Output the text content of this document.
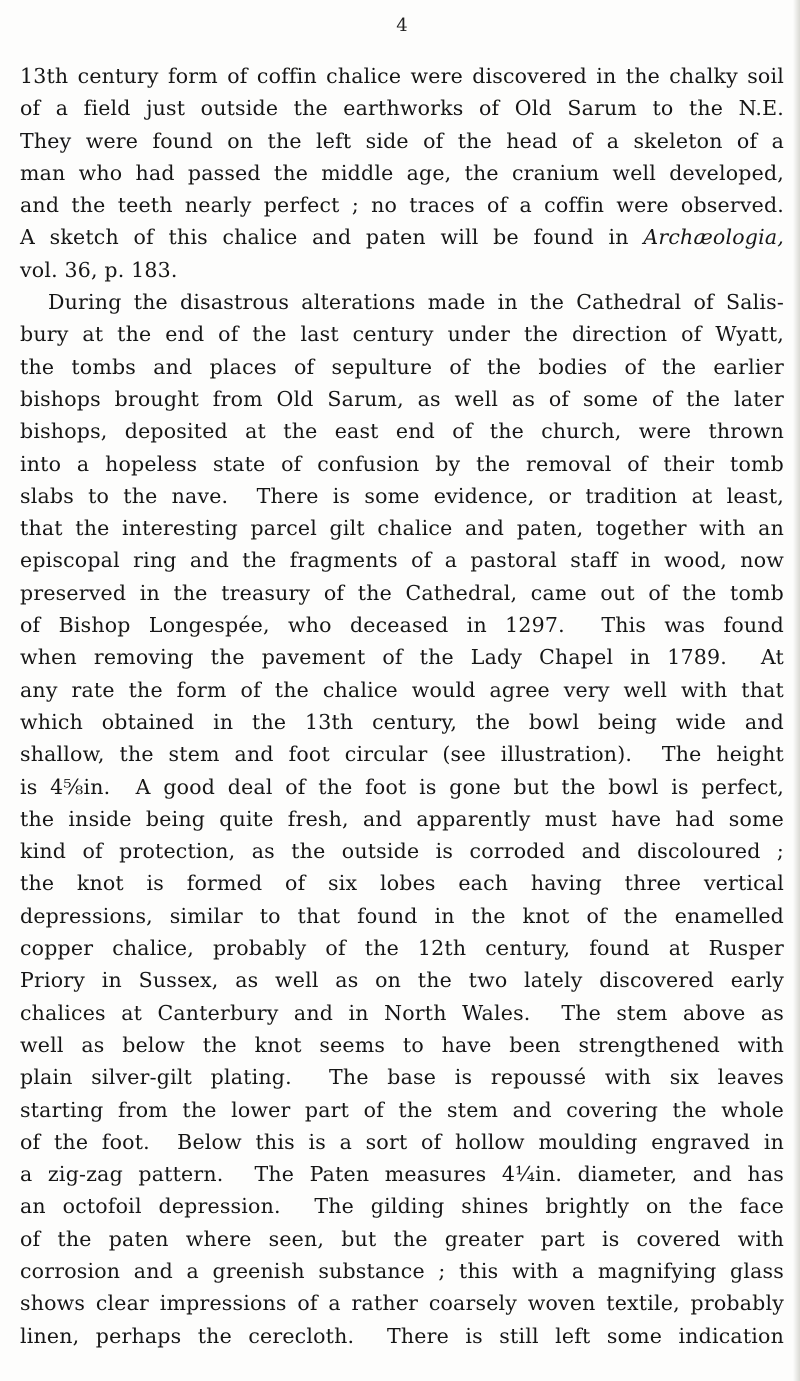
4
13th century form of coffin chalice were discovered in the chalky soil
of a field just outside the earthworks of Old Sarum to the N.E.
They were found on the left side of the head of a skeleton of a
man who had passed the middle age, the cranium well developed,
and the teeth nearly perfect ; no traces of a coffin were observed.
A sketch of this chalice and paten will be found in Archæologia,
vol. 36, p. 183.
During the disastrous alterations made in the Cathedral of Salis-
bury at the end of the last century under the direction of Wyatt,
the tombs and places of sepulture of the bodies of the earlier
bishops brought from Old Sarum, as well as of some of the later
bishops, deposited at the east end of the church, were thrown
into a hopeless state of confusion by the removal of their tomb
slabs to the nave.  There is some evidence, or tradition at least,
that the interesting parcel gilt chalice and paten, together with an
episcopal ring and the fragments of a pastoral staff in wood, now
preserved in the treasury of the Cathedral, came out of the tomb
of Bishop Longespée, who deceased in 1297.  This was found
when removing the pavement of the Lady Chapel in 1789.  At
any rate the form of the chalice would agree very well with that
which obtained in the 13th century, the bowl being wide and
shallow, the stem and foot circular (see illustration).  The height
is 4⅝in.  A good deal of the foot is gone but the bowl is perfect,
the inside being quite fresh, and apparently must have had some
kind of protection, as the outside is corroded and discoloured ;
the knot is formed of six lobes each having three vertical
depressions, similar to that found in the knot of the enamelled
copper chalice, probably of the 12th century, found at Rusper
Priory in Sussex, as well as on the two lately discovered early
chalices at Canterbury and in North Wales.  The stem above as
well as below the knot seems to have been strengthened with
plain silver-gilt plating.  The base is repoussé with six leaves
starting from the lower part of the stem and covering the whole
of the foot.  Below this is a sort of hollow moulding engraved in
a zig-zag pattern.  The Paten measures 4¼in. diameter, and has
an octofoil depression.  The gilding shines brightly on the face
of the paten where seen, but the greater part is covered with
corrosion and a greenish substance ; this with a magnifying glass
shows clear impressions of a rather coarsely woven textile, probably
linen, perhaps the cerecloth.  There is still left some indication
